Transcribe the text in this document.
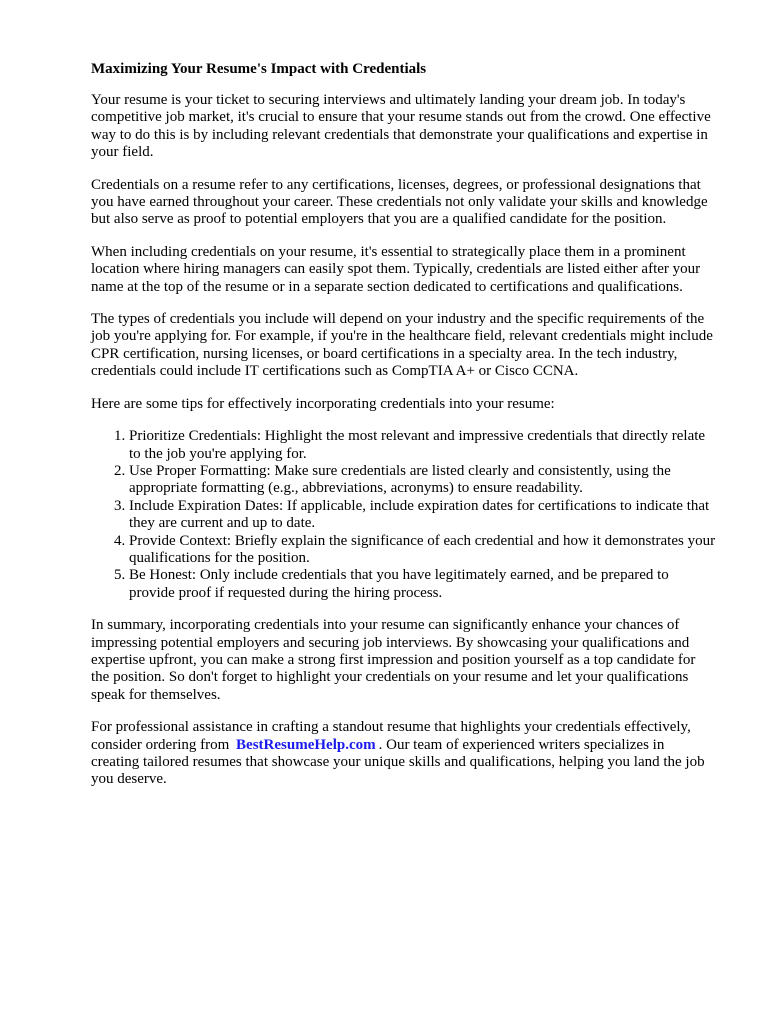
Maximizing Your Resume's Impact with Credentials

Your resume is your ticket to securing interviews and ultimately landing your dream job. In today's competitive job market, it's crucial to ensure that your resume stands out from the crowd. One effective way to do this is by including relevant credentials that demonstrate your qualifications and expertise in your field.

Credentials on a resume refer to any certifications, licenses, degrees, or professional designations that you have earned throughout your career. These credentials not only validate your skills and knowledge but also serve as proof to potential employers that you are a qualified candidate for the position.

When including credentials on your resume, it's essential to strategically place them in a prominent location where hiring managers can easily spot them. Typically, credentials are listed either after your name at the top of the resume or in a separate section dedicated to certifications and qualifications.

The types of credentials you include will depend on your industry and the specific requirements of the job you're applying for. For example, if you're in the healthcare field, relevant credentials might include CPR certification, nursing licenses, or board certifications in a specialty area. In the tech industry, credentials could include IT certifications such as CompTIA A+ or Cisco CCNA.

Here are some tips for effectively incorporating credentials into your resume:

1. Prioritize Credentials: Highlight the most relevant and impressive credentials that directly relate to the job you're applying for.
2. Use Proper Formatting: Make sure credentials are listed clearly and consistently, using the appropriate formatting (e.g., abbreviations, acronyms) to ensure readability.
3. Include Expiration Dates: If applicable, include expiration dates for certifications to indicate that they are current and up to date.
4. Provide Context: Briefly explain the significance of each credential and how it demonstrates your qualifications for the position.
5. Be Honest: Only include credentials that you have legitimately earned, and be prepared to provide proof if requested during the hiring process.

In summary, incorporating credentials into your resume can significantly enhance your chances of impressing potential employers and securing job interviews. By showcasing your qualifications and expertise upfront, you can make a strong first impression and position yourself as a top candidate for the position. So don't forget to highlight your credentials on your resume and let your qualifications speak for themselves.

For professional assistance in crafting a standout resume that highlights your credentials effectively, consider ordering from BestResumeHelp.com . Our team of experienced writers specializes in creating tailored resumes that showcase your unique skills and qualifications, helping you land the job you deserve.
